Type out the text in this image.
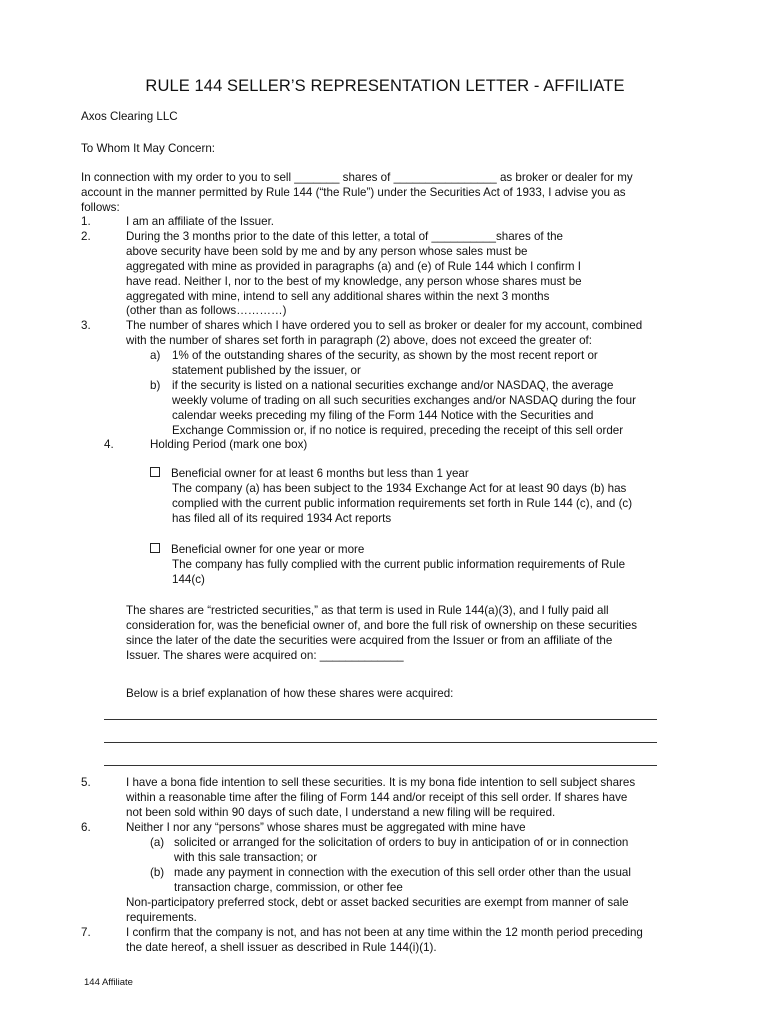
RULE 144 SELLER’S REPRESENTATION LETTER - AFFILIATE
Axos Clearing LLC
To Whom It May Concern:
In connection with my order to you to sell _______ shares of ________________ as broker or dealer for my
account in the manner permitted by Rule 144 (“the Rule”) under the Securities Act of 1933, I advise you as
follows:
1.	I am an affiliate of the Issuer.
2.	During the 3 months prior to the date of this letter, a total of __________shares of the
above security have been sold by me and by any person whose sales must be
aggregated with mine as provided in paragraphs (a) and (e) of Rule 144 which I confirm I
have read. Neither I, nor to the best of my knowledge, any person whose shares must be
aggregated with mine, intend to sell any additional shares within the next 3 months
(other than as follows…………)
3.	The number of shares which I have ordered you to sell as broker or dealer for my account, combined
with the number of shares set forth in paragraph (2) above, does not exceed the greater of:
a) 1% of the outstanding shares of the security, as shown by the most recent report or
statement published by the issuer, or
b) if the security is listed on a national securities exchange and/or NASDAQ, the average
weekly volume of trading on all such securities exchanges and/or NASDAQ during the four
calendar weeks preceding my filing of the Form 144 Notice with the Securities and
Exchange Commission or, if no notice is required, preceding the receipt of this sell order
4.	Holding Period (mark one box)
Beneficial owner for at least 6 months but less than 1 year
The company (a) has been subject to the 1934 Exchange Act for at least 90 days (b) has
complied with the current public information requirements set forth in Rule 144 (c), and (c)
has filed all of its required 1934 Act reports
Beneficial owner for one year or more
The company has fully complied with the current public information requirements of Rule
144(c)
The shares are “restricted securities,” as that term is used in Rule 144(a)(3), and I fully paid all
consideration for, was the beneficial owner of, and bore the full risk of ownership on these securities
since the later of the date the securities were acquired from the Issuer or from an affiliate of the
Issuer. The shares were acquired on: _____________
Below is a brief explanation of how these shares were acquired:
5.	I have a bona fide intention to sell these securities. It is my bona fide intention to sell subject shares
within a reasonable time after the filing of Form 144 and/or receipt of this sell order. If shares have
not been sold within 90 days of such date, I understand a new filing will be required.
6.	Neither I nor any “persons” whose shares must be aggregated with mine have
(a) solicited or arranged for the solicitation of orders to buy in anticipation of or in connection
with this sale transaction; or
(b) made any payment in connection with the execution of this sell order other than the usual
transaction charge, commission, or other fee
Non-participatory preferred stock, debt or asset backed securities are exempt from manner of sale
requirements.
7.	I confirm that the company is not, and has not been at any time within the 12 month period preceding
the date hereof, a shell issuer as described in Rule 144(i)(1).
144 Affiliate
